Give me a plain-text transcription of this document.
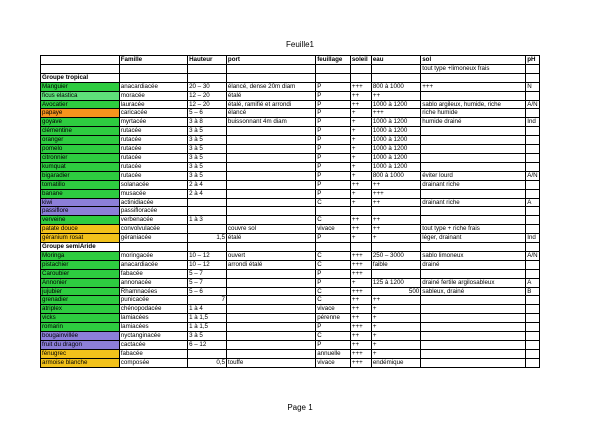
Feuille1
	Famille	Hauteur	port	feuillage	soleil	eau	sol	pH
							tout type +limoneux frais	
Groupe tropical								
Manguier	anacardiacée	20 – 30	élancé, dense 20m diam	P	+++	800 à 1000	+++	N
ficus elastica	moracée	12 – 20	étalé	P	++	++		
Avocatier	lauracée	12 – 20	étalé, ramifié et arrondi	P	++	1000 à 1200	sablo argileux, humide, riche	A/N
papaye	caricacée	5 – 6	élancé	P	+	+++	riche humide	
goyave	myrtacée	3 à 8	buissonnant 4m diam	P	+	1000 à 1200	humide drainé	Ind
clémentine	rutacée	3 à 5		P	+	1000 à 1200		
oranger	rutacée	3 à 5		P	+	1000 à 1200		
pomelo	rutacée	3 à 5		P	+	1000 à 1200		
citronnier	rutacée	3 à 5		P	+	1000 à 1200		
kumquat	rutacée	3 à 5		P	+	1000 à 1200		
bigaradier	rutacée	3 à 5		P	+	800 à 1000	éviter lourd	A/N
tomatillo	solanacée	2 à 4		P	++	++	drainant riche	
banane	musacée	2 à 4		P	+	+++		
kiwi	actinidiacée			C	+	++	drainant riche	A
passiflore	passifloracée							
verveine	verbenacée	1 à 3		C	++	++		
patate douce	convolvulacée		couvre sol	vivace	++	++	tout type + riche frais	
géranium rosat	géraniacée	1,5	étalé	P	+	+	léger, drainant	Ind
Groupe semiAride								
Moringa	moringacée	10 – 12	ouvert	C	+++	250 – 3000	sablo limoneux	A/N
pistachier	anacardiacée	10 – 12	arrondi étalé	C	+++	faible	drainé	
Caroubier	fabacée	5 – 7		P	+++			
Annonier	annonacée	5 – 7		P	+	125 à 1200	drainé fertile argilosableux	A
jujubier	Rhamnacées	5 – 6		C	+++	500	sableux, drainé	B
grenadier	punicacée	7		C	++	++		
atriplex	chénopodacée	1 à 4		vivace	++	+		
vicks	lamiacées	1 à 1,5		pérenne	++	+		
romarin	lamiacées	1 à 1,5		P	+++	+		
bougainvillée	nyctanginacée	3 à 5		C	++	+		
fruit du dragon	cactacée	6 – 12		P	++	+		
fénugrec	fabacée			annuelle	+++	+		
armoise blanche	composée	0,5	touffe	vivace	+++	endémique		
Page 1
